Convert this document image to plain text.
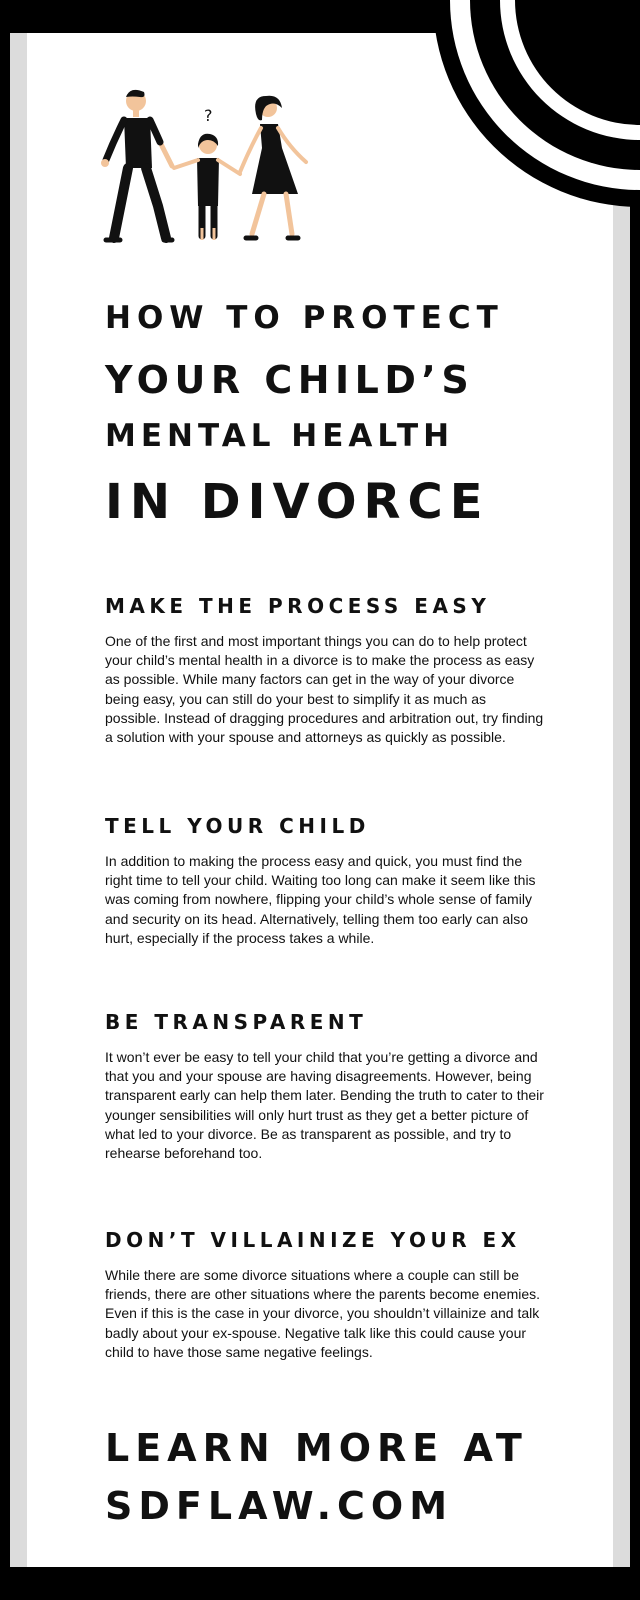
?
HOW TO PROTECT
YOUR CHILD’S
MENTAL HEALTH
IN DIVORCE
MAKE THE PROCESS EASY

One of the first and most important things you can do to help protect your child’s mental health in a divorce is to make the process as easy as possible. While many factors can get in the way of your divorce being easy, you can still do your best to simplify it as much as possible. Instead of dragging procedures and arbitration out, try finding a solution with your spouse and attorneys as quickly as possible.

TELL YOUR CHILD

In addition to making the process easy and quick, you must find the right time to tell your child. Waiting too long can make it seem like this was coming from nowhere, flipping your child’s whole sense of family and security on its head. Alternatively, telling them too early can also hurt, especially if the process takes a while.

BE TRANSPARENT

It won’t ever be easy to tell your child that you’re getting a divorce and that you and your spouse are having disagreements. However, being transparent early can help them later. Bending the truth to cater to their younger sensibilities will only hurt trust as they get a better picture of what led to your divorce. Be as transparent as possible, and try to rehearse beforehand too.

DON’T VILLAINIZE YOUR EX

While there are some divorce situations where a couple can still be friends, there are other situations where the parents become enemies. Even if this is the case in your divorce, you shouldn’t villainize and talk badly about your ex-spouse. Negative talk like this could cause your child to have those same negative feelings.

LEARN MORE AT
SDFLAW.COM
